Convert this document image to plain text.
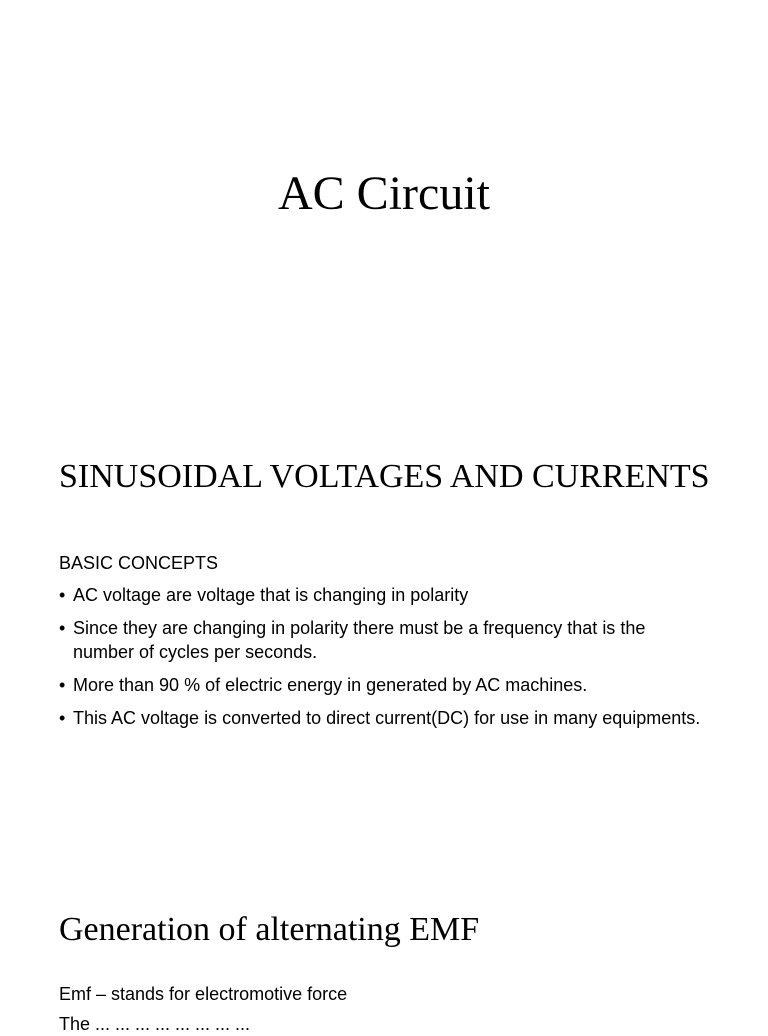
AC Circuit
SINUSOIDAL VOLTAGES AND CURRENTS
BASIC CONCEPTS
• AC voltage are voltage that is changing in polarity
• Since they are changing in polarity there must be a frequency that is the number of cycles per seconds.
• More than 90 % of electric energy in generated by AC machines.
• This AC voltage is converted to direct current(DC) for use in many equipments.
Generation of alternating EMF
Emf – stands for electromotive force
The ... ... ... ... ... ... ... ...
